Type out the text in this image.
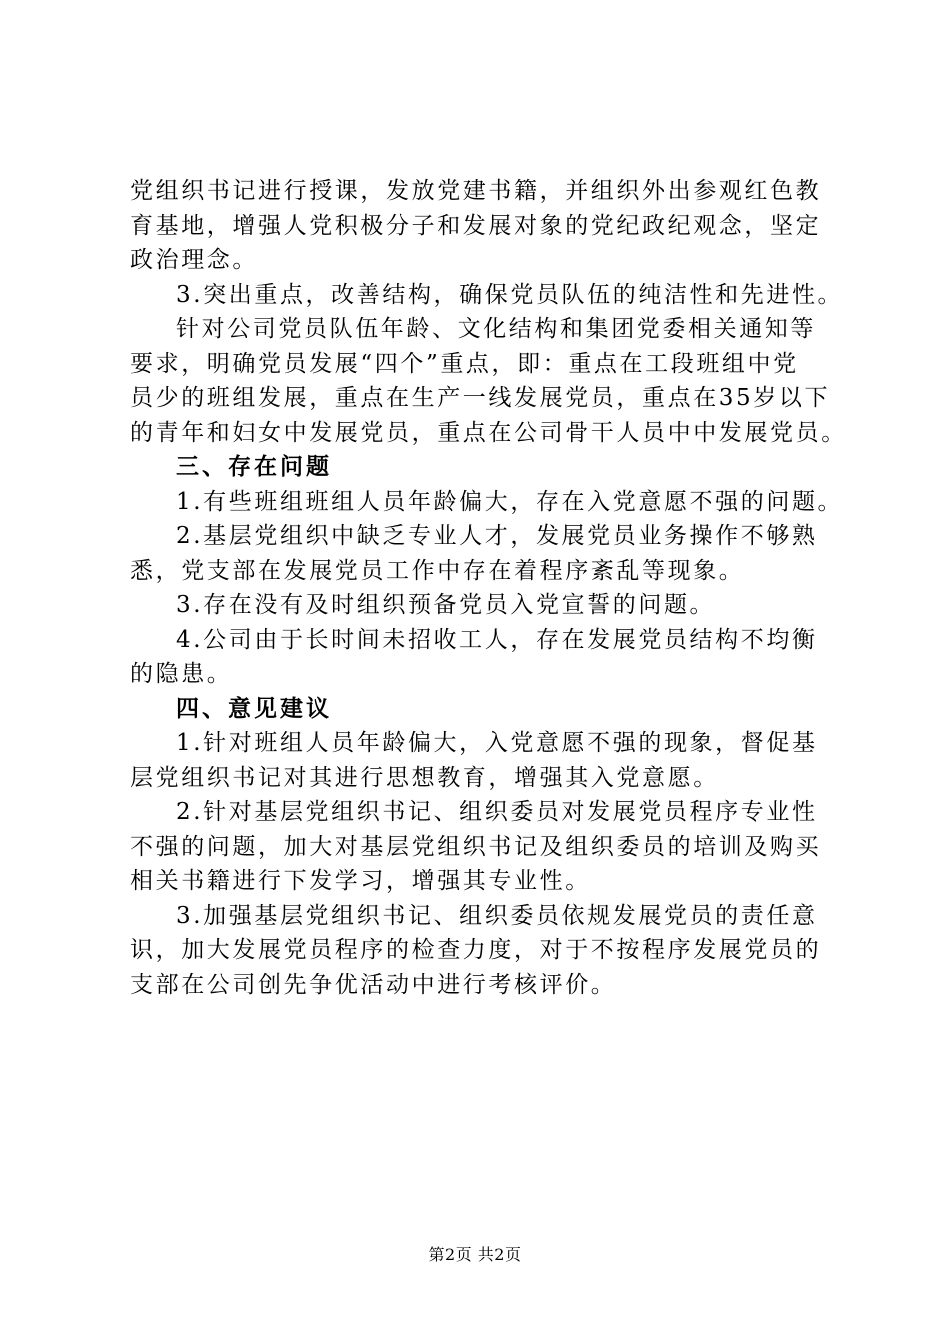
党组织书记进行授课，发放党建书籍，并组织外出参观红色教
育基地，增强人党积极分子和发展对象的党纪政纪观念，坚定
政治理念。
3.突出重点，改善结构，确保党员队伍的纯洁性和先进性。
针对公司党员队伍年龄、文化结构和集团党委相关通知等
要求，明确党员发展“四个”重点，即：重点在工段班组中党
员少的班组发展，重点在生产一线发展党员，重点在35岁以下
的青年和妇女中发展党员，重点在公司骨干人员中中发展党员。
三、存在问题
1.有些班组班组人员年龄偏大，存在入党意愿不强的问题。
2.基层党组织中缺乏专业人才，发展党员业务操作不够熟
悉，党支部在发展党员工作中存在着程序紊乱等现象。
3.存在没有及时组织预备党员入党宣誓的问题。
4.公司由于长时间未招收工人，存在发展党员结构不均衡
的隐患。
四、意见建议
1.针对班组人员年龄偏大，入党意愿不强的现象，督促基
层党组织书记对其进行思想教育，增强其入党意愿。
2.针对基层党组织书记、组织委员对发展党员程序专业性
不强的问题，加大对基层党组织书记及组织委员的培训及购买
相关书籍进行下发学习，增强其专业性。
3.加强基层党组织书记、组织委员依规发展党员的责任意
识，加大发展党员程序的检查力度，对于不按程序发展党员的
支部在公司创先争优活动中进行考核评价。
第2页 共2页
